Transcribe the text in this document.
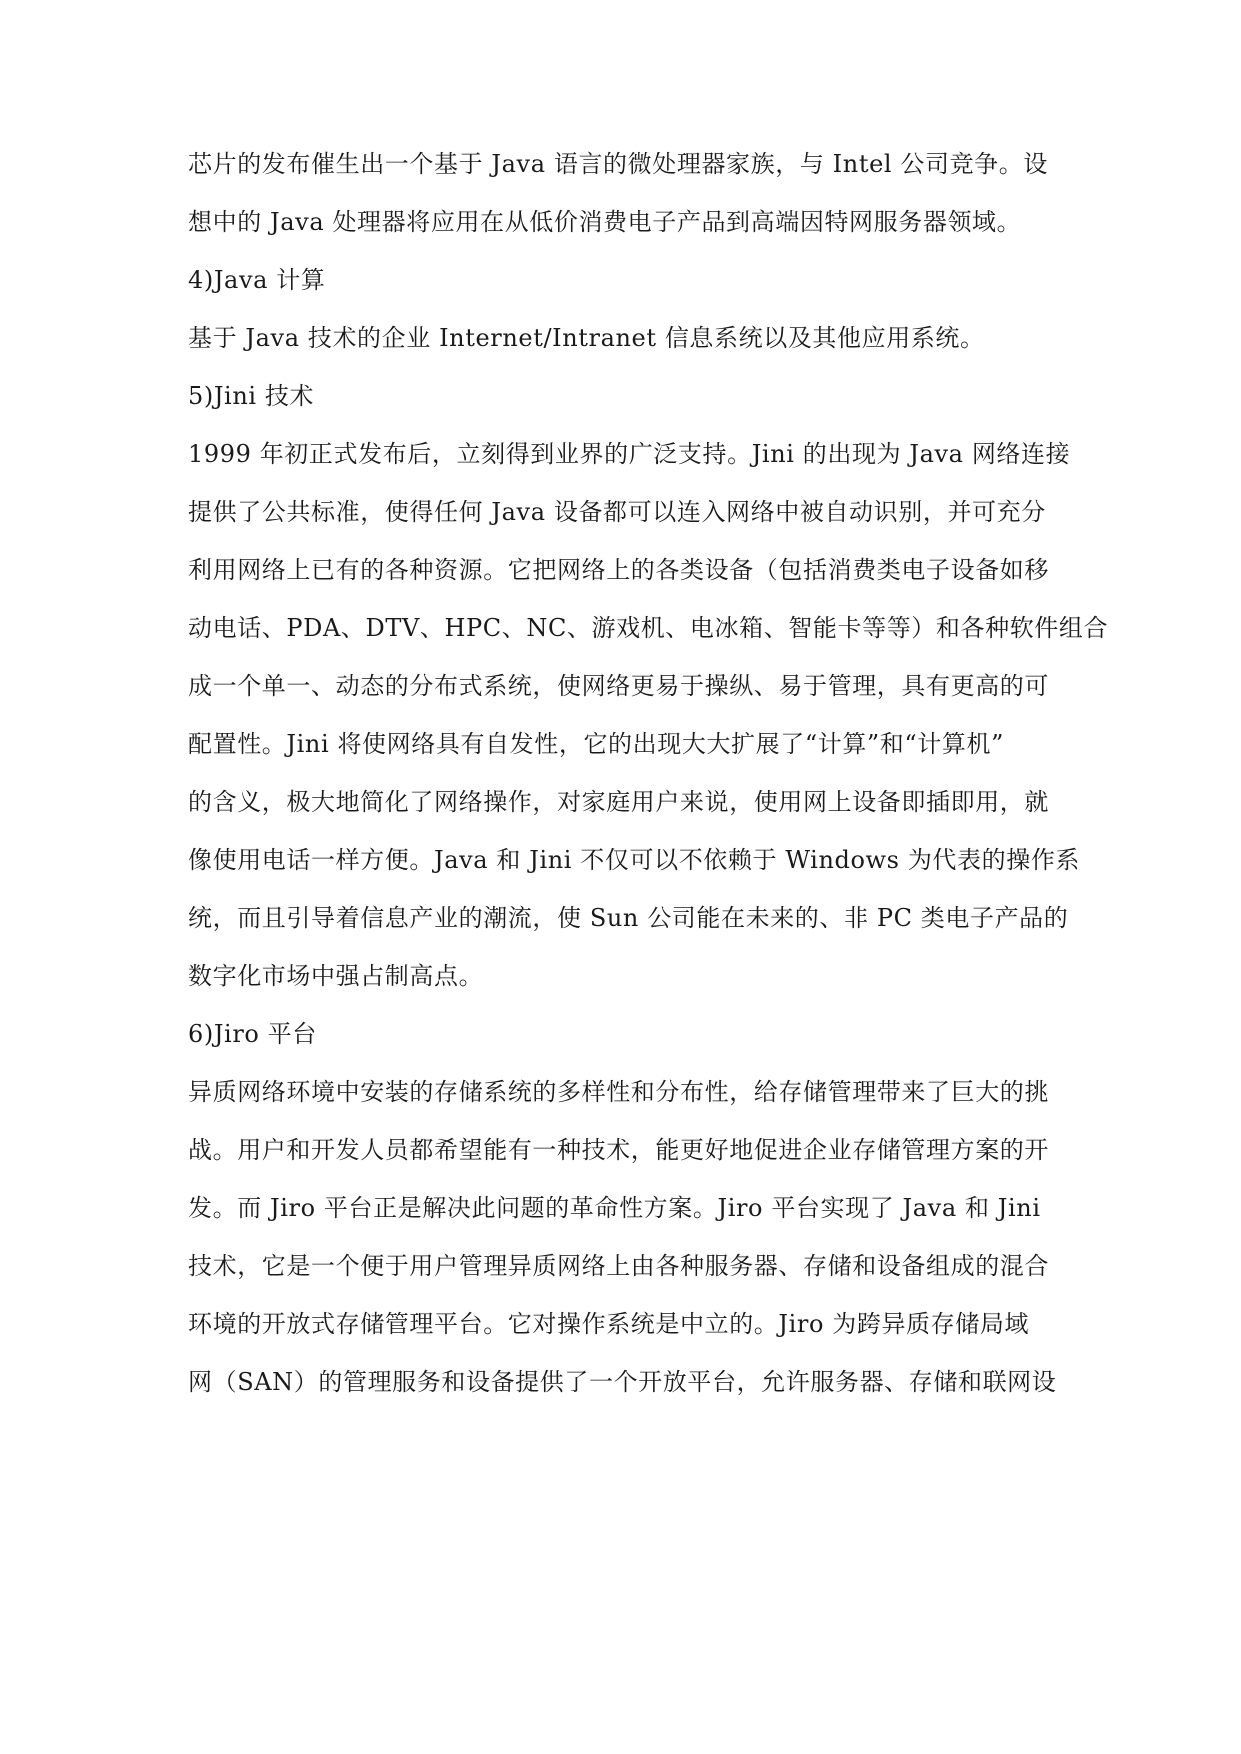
芯片的发布催生出一个基于 Java 语言的微处理器家族，与 Intel 公司竞争。设
想中的 Java 处理器将应用在从低价消费电子产品到高端因特网服务器领域。
4)Java 计算
基于 Java 技术的企业 Internet/Intranet 信息系统以及其他应用系统。
5)Jini 技术
1999 年初正式发布后，立刻得到业界的广泛支持。Jini 的出现为 Java 网络连接
提供了公共标准，使得任何 Java 设备都可以连入网络中被自动识别，并可充分
利用网络上已有的各种资源。它把网络上的各类设备（包括消费类电子设备如移
动电话、PDA、DTV、HPC、NC、游戏机、电冰箱、智能卡等等）和各种软件组合
成一个单一、动态的分布式系统，使网络更易于操纵、易于管理，具有更高的可
配置性。Jini 将使网络具有自发性，它的出现大大扩展了“计算”和“计算机”
的含义，极大地简化了网络操作，对家庭用户来说，使用网上设备即插即用，就
像使用电话一样方便。Java 和 Jini 不仅可以不依赖于 Windows 为代表的操作系
统，而且引导着信息产业的潮流，使 Sun 公司能在未来的、非 PC 类电子产品的
数字化市场中强占制高点。
6)Jiro 平台
异质网络环境中安装的存储系统的多样性和分布性，给存储管理带来了巨大的挑
战。用户和开发人员都希望能有一种技术，能更好地促进企业存储管理方案的开
发。而 Jiro 平台正是解决此问题的革命性方案。Jiro 平台实现了 Java 和 Jini
技术，它是一个便于用户管理异质网络上由各种服务器、存储和设备组成的混合
环境的开放式存储管理平台。它对操作系统是中立的。Jiro 为跨异质存储局域
网（SAN）的管理服务和设备提供了一个开放平台，允许服务器、存储和联网设
